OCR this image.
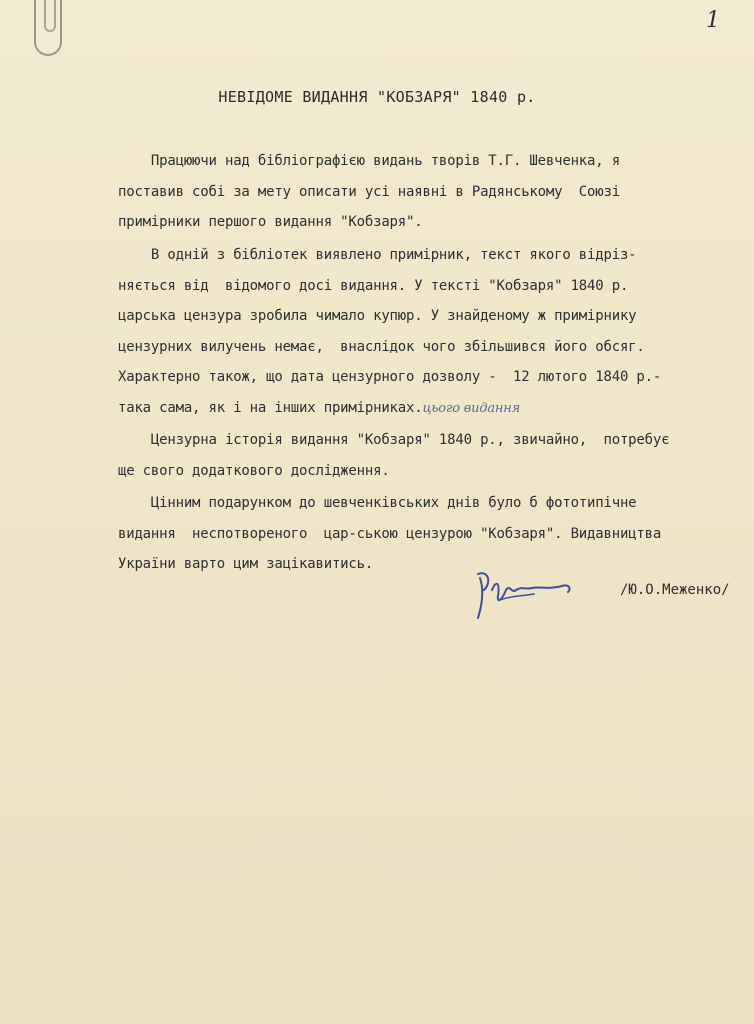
1
НЕВІДОМЕ ВИДАННЯ "КОБЗАРЯ" 1840 р.
Працюючи над бібліографією видань творів Т.Г. Шевченка, я
поставив собі за мету описати усі наявні в Радянському  Союзі
примірники першого видання "Кобзаря".
В одній з бібліотек виявлено примірник, текст якого відріз-
няється від  відомого досі видання. У тексті "Кобзаря" 1840 р.
царська цензура зробила чимало купюр. У знайденому ж примірнику
цензурних вилучень немає,  внаслідок чого збільшився його обсяг.
Характерно також, що дата цензурного дозволу -  12 лютого 1840 р.-
така сама, як і на інших примірниках.цього видання
Цензурна історія видання "Кобзаря" 1840 р., звичайно,  потребує
ще свого додаткового дослідження.
Цінним подарунком до шевченківських днів було б фототипічне
видання  неспотвореного  цар-ською цензурою "Кобзаря". Видавництва
України варто цим зацікавитись.
/Ю.О.Меженко/
